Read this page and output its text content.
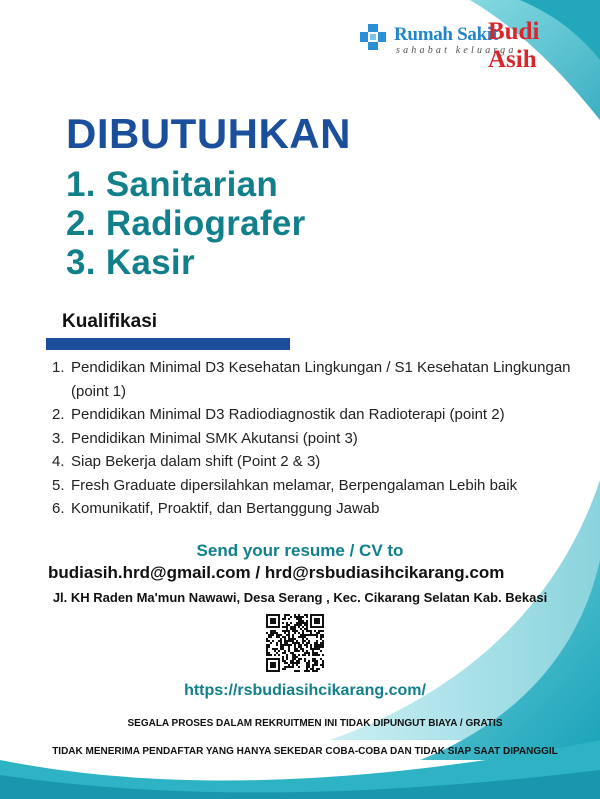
Rumah Sakit
Budi Asih
sahabat keluarga
DIBUTUHKAN
1. Sanitarian
2. Radiografer
3. Kasir
Kualifikasi
1. Pendidikan Minimal D3 Kesehatan Lingkungan / S1 Kesehatan Lingkungan (point 1)
2. Pendidikan Minimal D3 Radiodiagnostik dan Radioterapi (point 2)
3. Pendidikan Minimal SMK Akutansi (point 3)
4. Siap Bekerja dalam shift (Point 2 & 3)
5. Fresh Graduate dipersilahkan melamar, Berpengalaman Lebih baik
6. Komunikatif, Proaktif, dan Bertanggung Jawab
Send your resume / CV to
budiasih.hrd@gmail.com / hrd@rsbudiasihcikarang.com
Jl. KH Raden Ma'mun Nawawi, Desa Serang , Kec. Cikarang Selatan Kab. Bekasi
https://rsbudiasihcikarang.com/
SEGALA PROSES DALAM REKRUITMEN INI TIDAK DIPUNGUT BIAYA / GRATIS
TIDAK MENERIMA PENDAFTAR YANG HANYA SEKEDAR COBA-COBA DAN TIDAK SIAP SAAT DIPANGGIL
